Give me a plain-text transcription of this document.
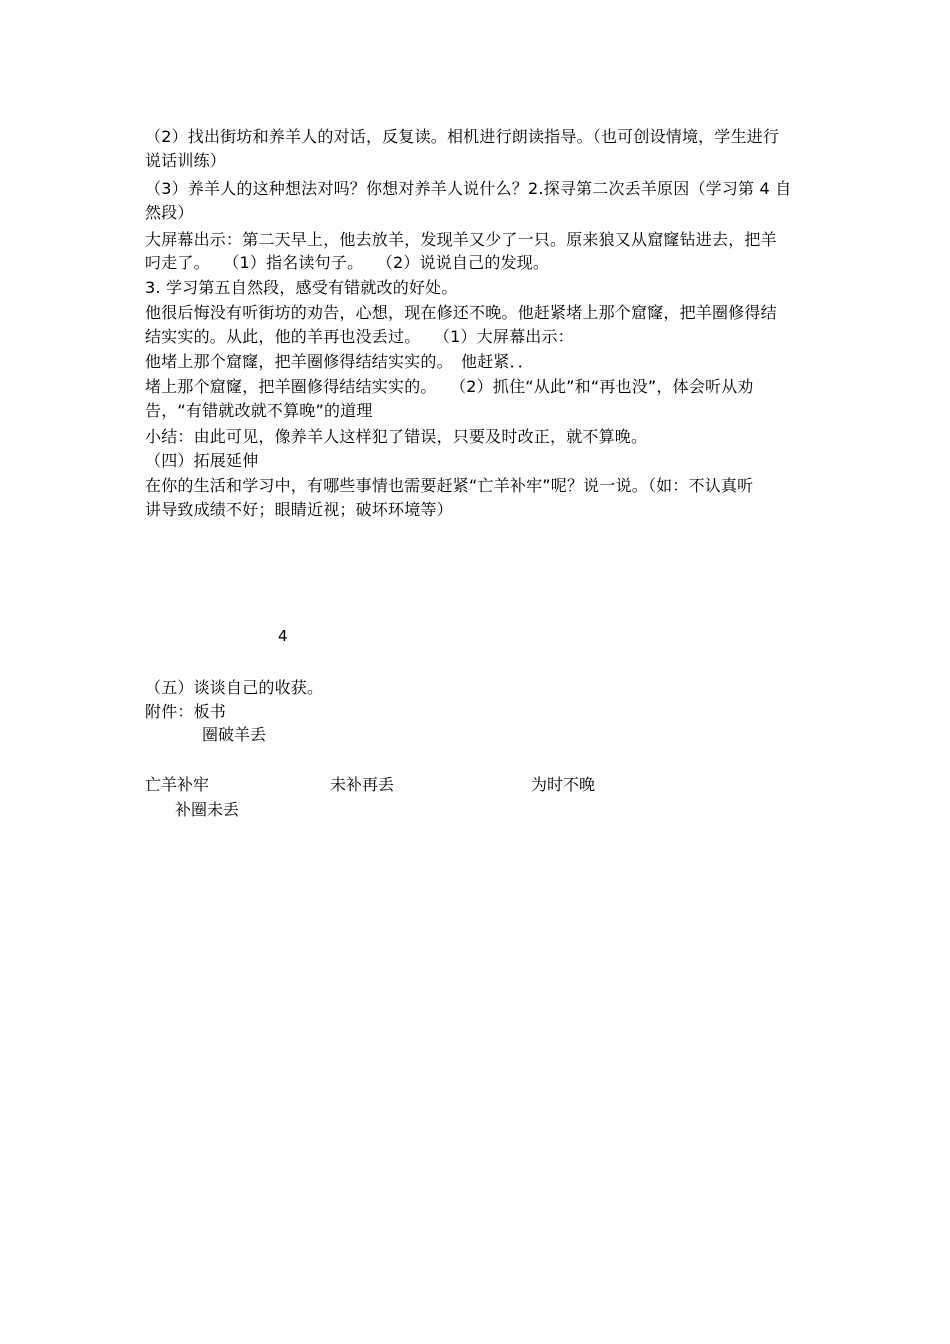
（2）找出街坊和养羊人的对话，反复读。相机进行朗读指导。（也可创设情境，学生进行
说话训练）
（3）养羊人的这种想法对吗？你想对养羊人说什么？2.探寻第二次丢羊原因（学习第 4 自
然段）
大屏幕出示：第二天早上，他去放羊，发现羊又少了一只。原来狼又从窟窿钻进去，把羊
叼走了。　 （1）指名读句子。　 （2）说说自己的发现。
3. 学习第五自然段，感受有错就改的好处。
他很后悔没有听街坊的劝告，心想，现在修还不晚。他赶紧堵上那个窟窿，把羊圈修得结
结实实的。从此，他的羊再也没丢过。　 （1）大屏幕出示：
他堵上那个窟窿，把羊圈修得结结实实的。　他赶紧．．
堵上那个窟窿，把羊圈修得结结实实的。　 （2）抓住“从此”和“再也没”，体会听从劝
告，“有错就改就不算晚”的道理
小结：由此可见，像养羊人这样犯了错误，只要及时改正，就不算晚。
（四）拓展延伸
在你的生活和学习中，有哪些事情也需要赶紧“亡羊补牢”呢？说一说。（如：不认真听
讲导致成绩不好；眼睛近视；破坏环境等）
4
（五）谈谈自己的收获。
附件：板书
圈破羊丢
亡羊补牢	未补再丢	为时不晚
补圈未丢
